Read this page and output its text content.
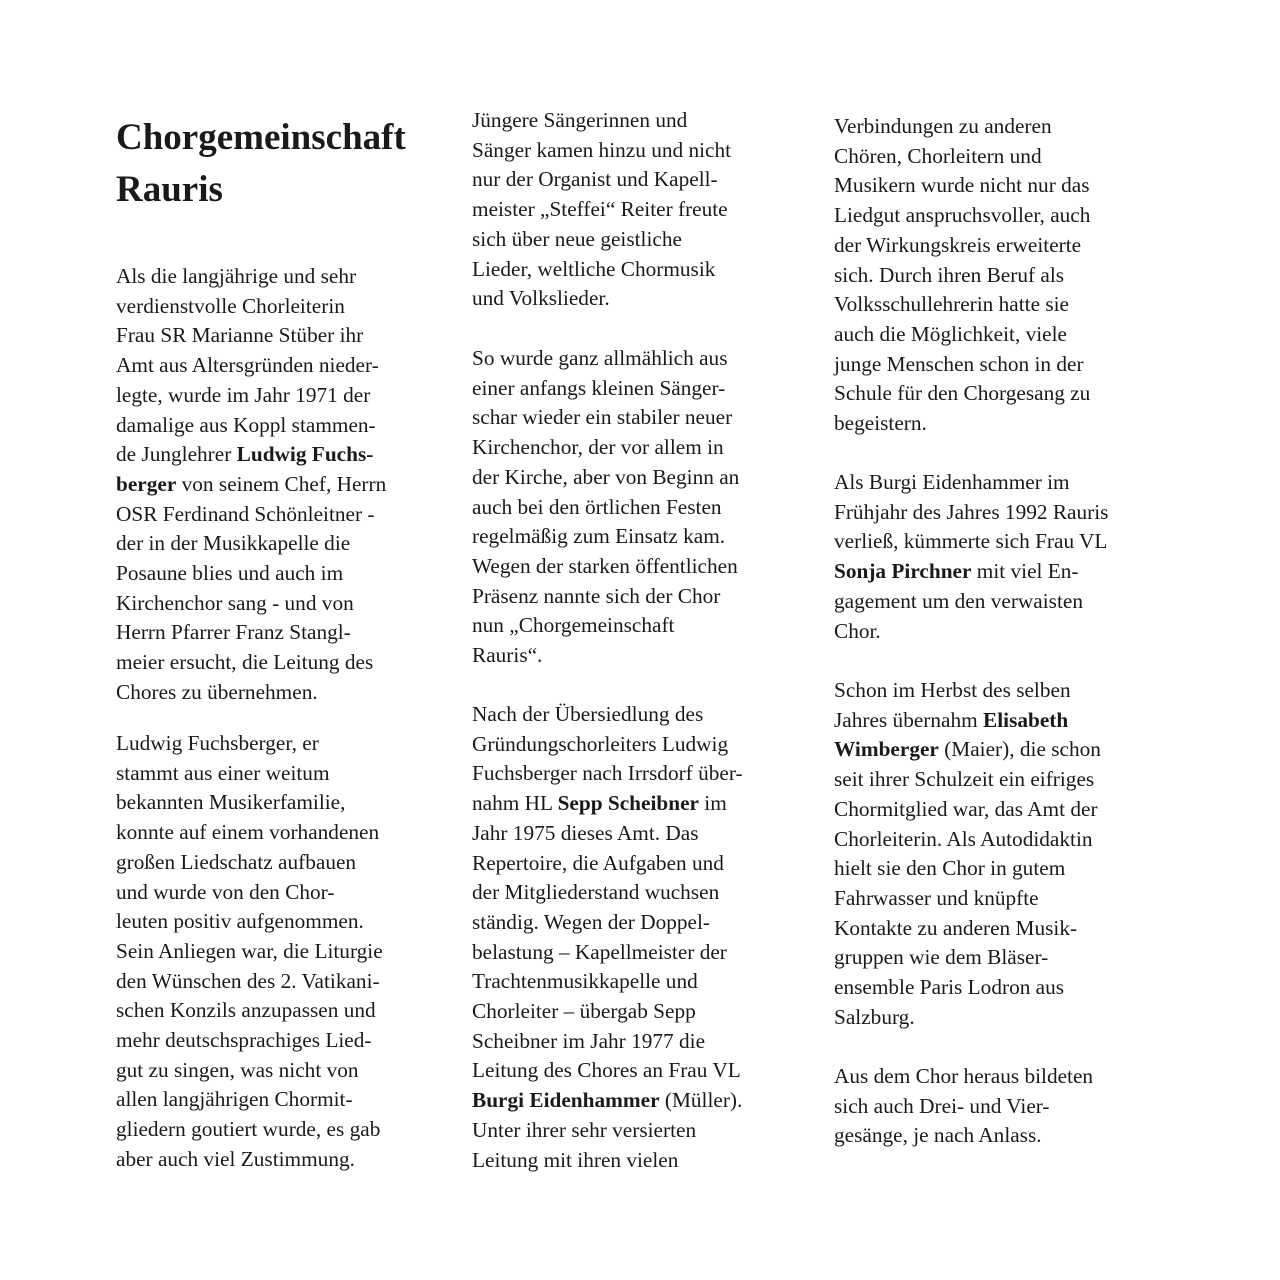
Chorgemeinschaft
Rauris
Als die langjährige und sehr
verdienstvolle Chorleiterin
Frau SR Marianne Stüber ihr
Amt aus Altersgründen nieder-
legte, wurde im Jahr 1971 der
damalige aus Koppl stammen-
de Junglehrer Ludwig Fuchs-
berger von seinem Chef, Herrn
OSR Ferdinand Schönleitner -
der in der Musikkapelle die
Posaune blies und auch im
Kirchenchor sang - und von
Herrn Pfarrer Franz Stangl-
meier ersucht, die Leitung des
Chores zu übernehmen.
Ludwig Fuchsberger, er
stammt aus einer weitum
bekannten Musikerfamilie,
konnte auf einem vorhandenen
großen Liedschatz aufbauen
und wurde von den Chor-
leuten positiv aufgenommen.
Sein Anliegen war, die Liturgie
den Wünschen des 2. Vatikani-
schen Konzils anzupassen und
mehr deutschsprachiges Lied-
gut zu singen, was nicht von
allen langjährigen Chormit-
gliedern goutiert wurde, es gab
aber auch viel Zustimmung.
Jüngere Sängerinnen und
Sänger kamen hinzu und nicht
nur der Organist und Kapell-
meister „Steffei“ Reiter freute
sich über neue geistliche
Lieder, weltliche Chormusik
und Volkslieder.
So wurde ganz allmählich aus
einer anfangs kleinen Sänger-
schar wieder ein stabiler neuer
Kirchenchor, der vor allem in
der Kirche, aber von Beginn an
auch bei den örtlichen Festen
regelmäßig zum Einsatz kam.
Wegen der starken öffentlichen
Präsenz nannte sich der Chor
nun „Chorgemeinschaft
Rauris“.
Nach der Übersiedlung des
Gründungschorleiters Ludwig
Fuchsberger nach Irrsdorf über-
nahm HL Sepp Scheibner im
Jahr 1975 dieses Amt. Das
Repertoire, die Aufgaben und
der Mitgliederstand wuchsen
ständig. Wegen der Doppel-
belastung – Kapellmeister der
Trachtenmusikkapelle und
Chorleiter – übergab Sepp
Scheibner im Jahr 1977 die
Leitung des Chores an Frau VL
Burgi Eidenhammer (Müller).
Unter ihrer sehr versierten
Leitung mit ihren vielen
Verbindungen zu anderen
Chören, Chorleitern und
Musikern wurde nicht nur das
Liedgut anspruchsvoller, auch
der Wirkungskreis erweiterte
sich. Durch ihren Beruf als
Volksschullehrerin hatte sie
auch die Möglichkeit, viele
junge Menschen schon in der
Schule für den Chorgesang zu
begeistern.
Als Burgi Eidenhammer im
Frühjahr des Jahres 1992 Rauris
verließ, kümmerte sich Frau VL
Sonja Pirchner mit viel En-
gagement um den verwaisten
Chor.
Schon im Herbst des selben
Jahres übernahm Elisabeth
Wimberger (Maier), die schon
seit ihrer Schulzeit ein eifriges
Chormitglied war, das Amt der
Chorleiterin. Als Autodidaktin
hielt sie den Chor in gutem
Fahrwasser und knüpfte
Kontakte zu anderen Musik-
gruppen wie dem Bläser-
ensemble Paris Lodron aus
Salzburg.
Aus dem Chor heraus bildeten
sich auch Drei- und Vier-
gesänge, je nach Anlass.
